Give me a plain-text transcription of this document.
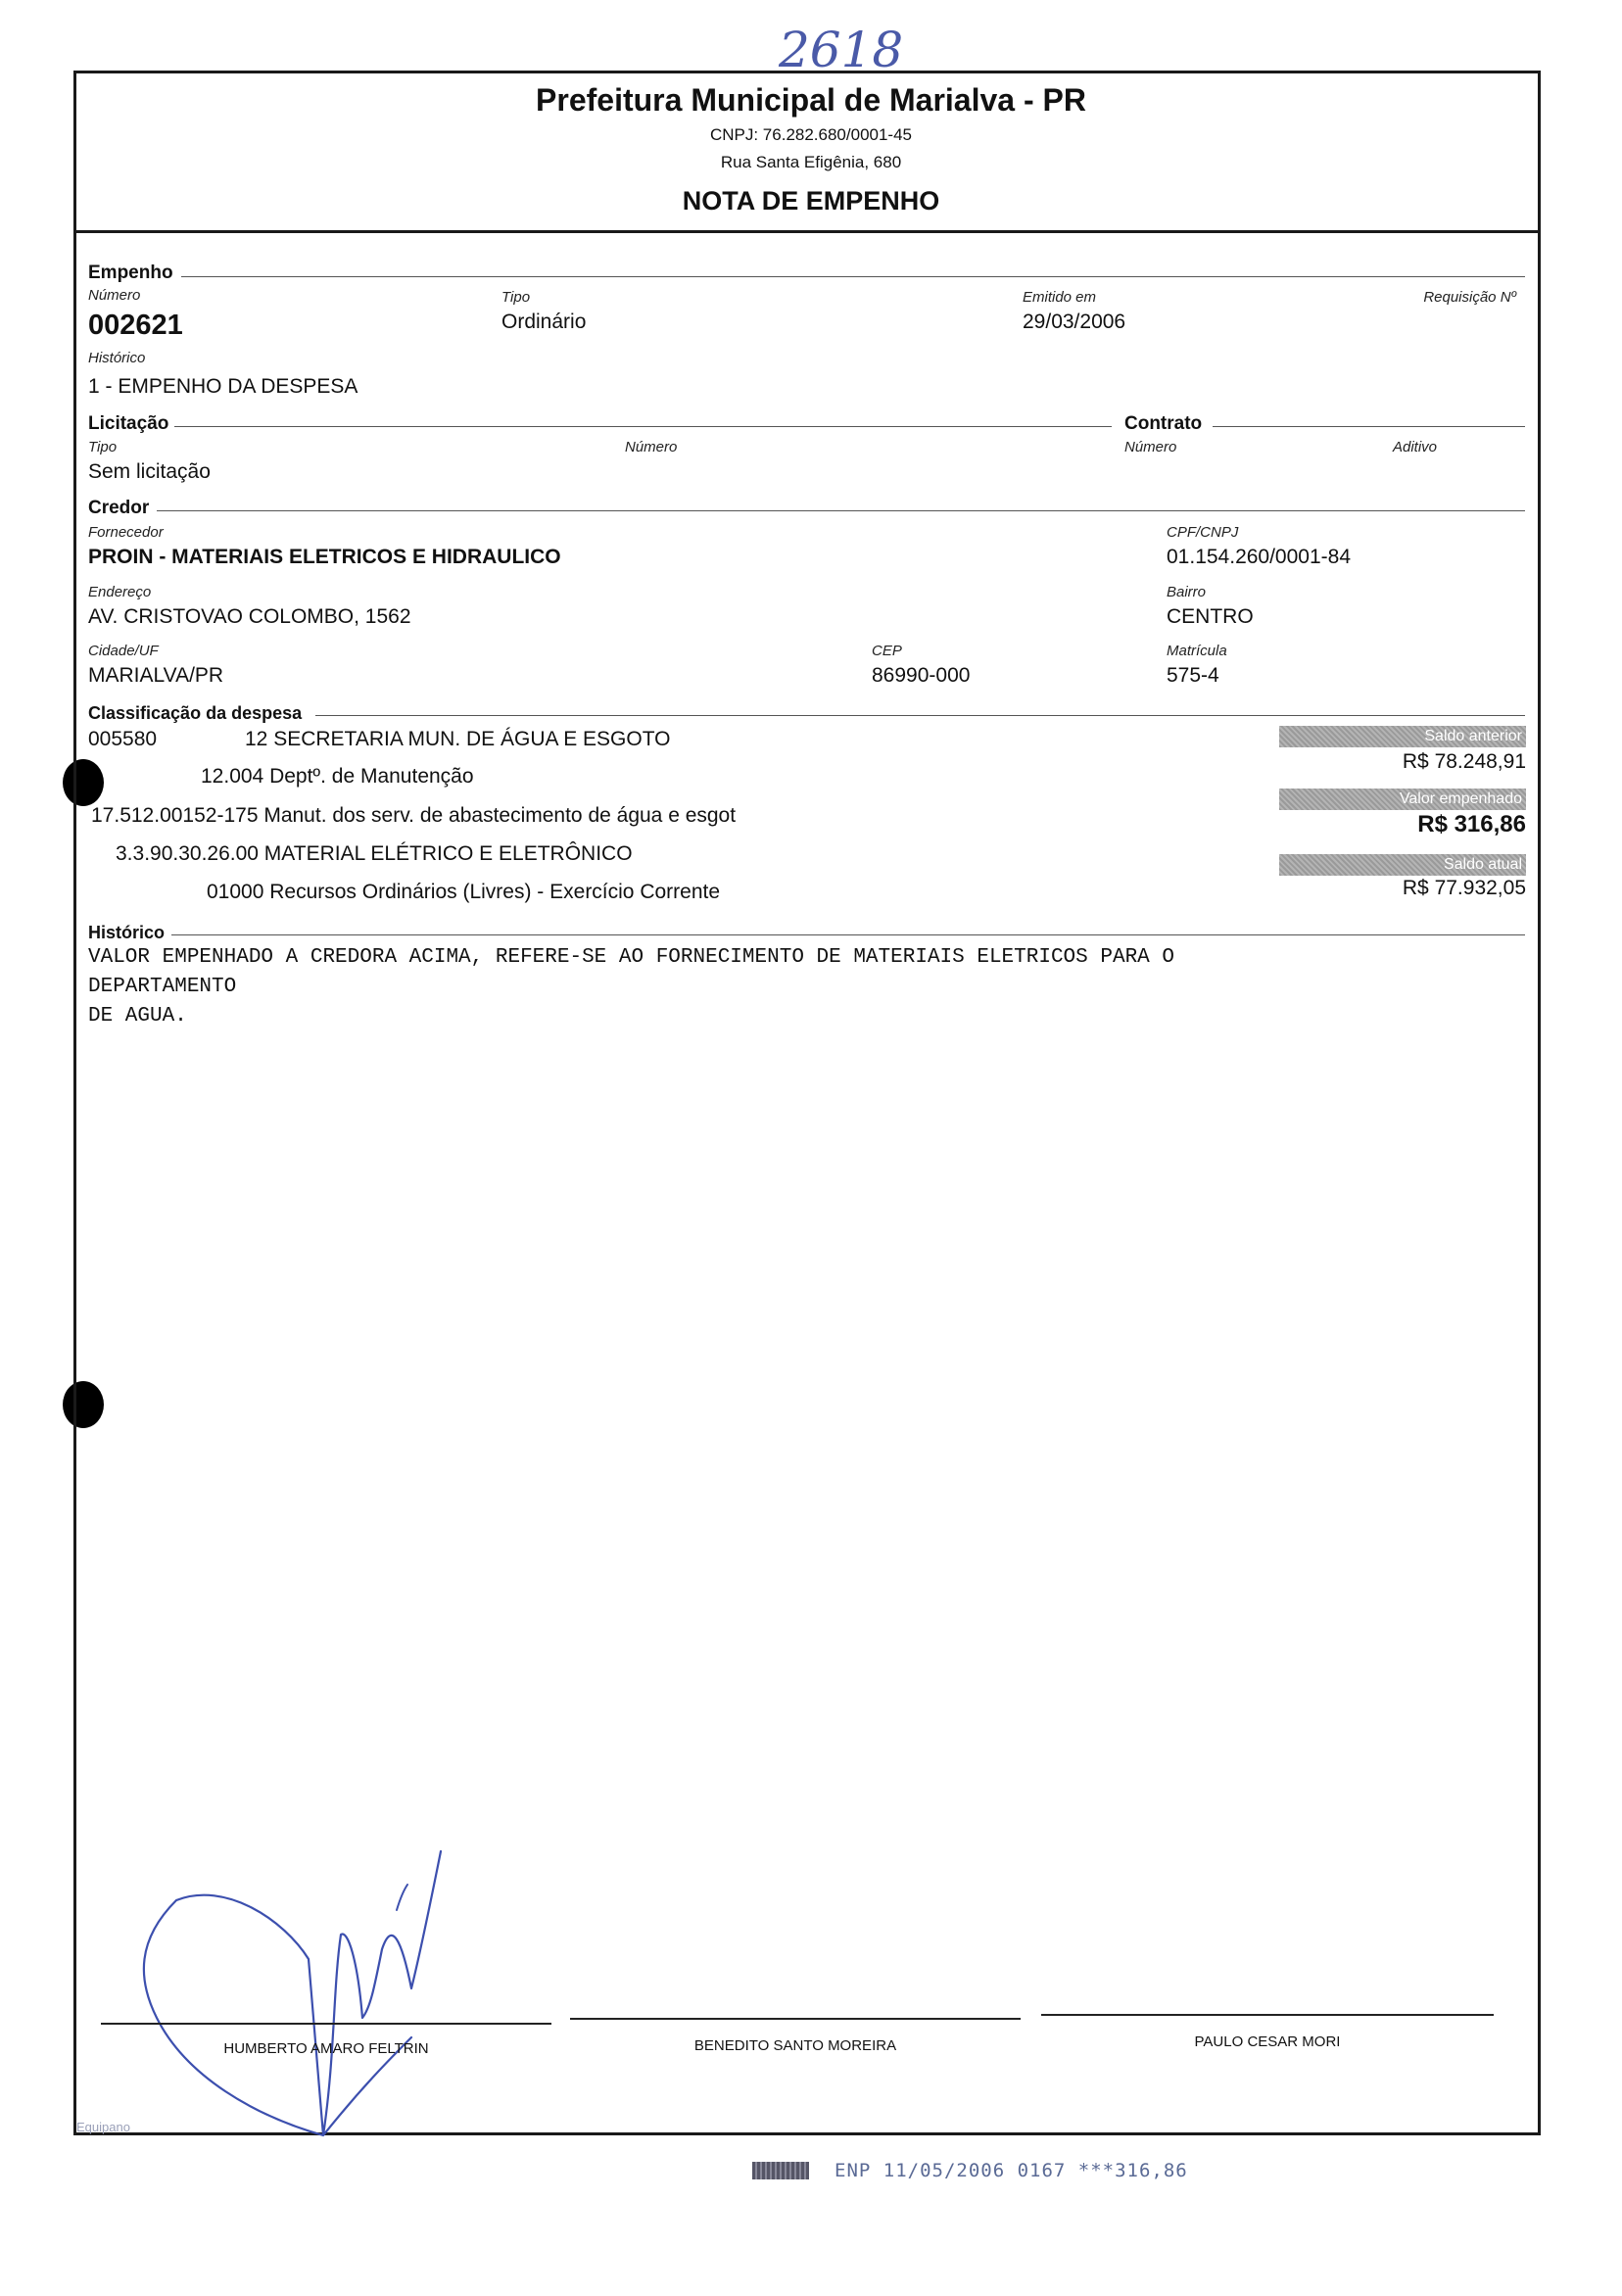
2618
Prefeitura Municipal de Marialva - PR
CNPJ: 76.282.680/0001-45
Rua Santa Efigênia, 680
NOTA DE EMPENHO
Empenho
Número
002621
Tipo
Ordinário
Emitido em
29/03/2006
Requisição Nº
Histórico
1 - EMPENHO DA DESPESA
Licitação	Contrato
Tipo
Sem licitação
Número	Número	Aditivo
Credor
Fornecedor
PROIN - MATERIAIS ELETRICOS E HIDRAULICO
CPF/CNPJ
01.154.260/0001-84
Endereço
AV. CRISTOVAO COLOMBO, 1562
Bairro
CENTRO
Cidade/UF
MARIALVA/PR
CEP
86990-000
Matrícula
575-4
Classificação da despesa
005580	12 SECRETARIA MUN. DE ÁGUA E ESGOTO
12.004 Deptº. de Manutenção
17.512.00152-175 Manut. dos serv. de abastecimento de água e esgot
3.3.90.30.26.00 MATERIAL ELÉTRICO E ELETRÔNICO
01000 Recursos Ordinários (Livres) - Exercício Corrente
Saldo anterior
R$ 78.248,91
Valor empenhado
R$ 316,86
Saldo atual
R$ 77.932,05
Histórico
VALOR EMPENHADO A CREDORA ACIMA, REFERE-SE AO FORNECIMENTO DE MATERIAIS ELETRICOS PARA O
DEPARTAMENTO
DE AGUA.
HUMBERTO AMARO FELTRIN	BENEDITO SANTO MOREIRA	PAULO CESAR MORI
Equipano
ENP 11/05/2006 0167 ***316,86
